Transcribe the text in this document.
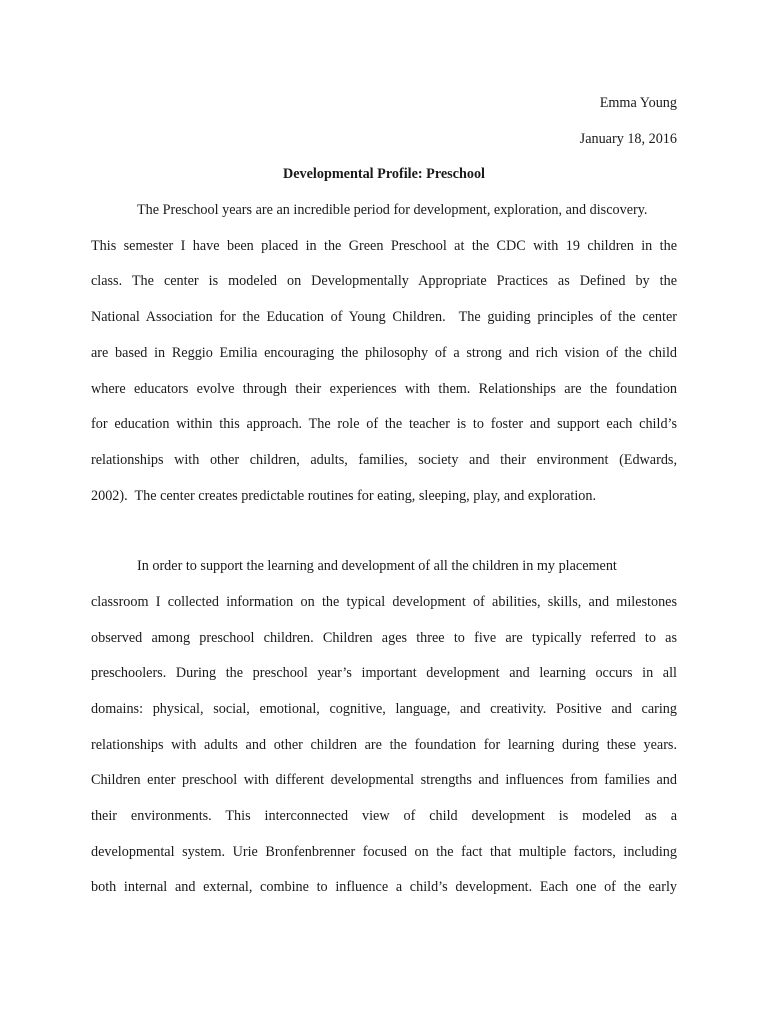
Emma Young
January 18, 2016
Developmental Profile: Preschool
The Preschool years are an incredible period for development, exploration, and discovery.
This semester I have been placed in the Green Preschool at the CDC with 19 children in the
class. The center is modeled on Developmentally Appropriate Practices as Defined by the
National Association for the Education of Young Children.  The guiding principles of the center
are based in Reggio Emilia encouraging the philosophy of a strong and rich vision of the child
where educators evolve through their experiences with them. Relationships are the foundation
for education within this approach. The role of the teacher is to foster and support each child’s
relationships with other children, adults, families, society and their environment (Edwards,
2002).  The center creates predictable routines for eating, sleeping, play, and exploration.
In order to support the learning and development of all the children in my placement
classroom I collected information on the typical development of abilities, skills, and milestones
observed among preschool children. Children ages three to five are typically referred to as
preschoolers. During the preschool year’s important development and learning occurs in all
domains: physical, social, emotional, cognitive, language, and creativity. Positive and caring
relationships with adults and other children are the foundation for learning during these years.
Children enter preschool with different developmental strengths and influences from families and
their environments. This interconnected view of child development is modeled as a
developmental system. Urie Bronfenbrenner focused on the fact that multiple factors, including
both internal and external, combine to influence a child’s development. Each one of the early
